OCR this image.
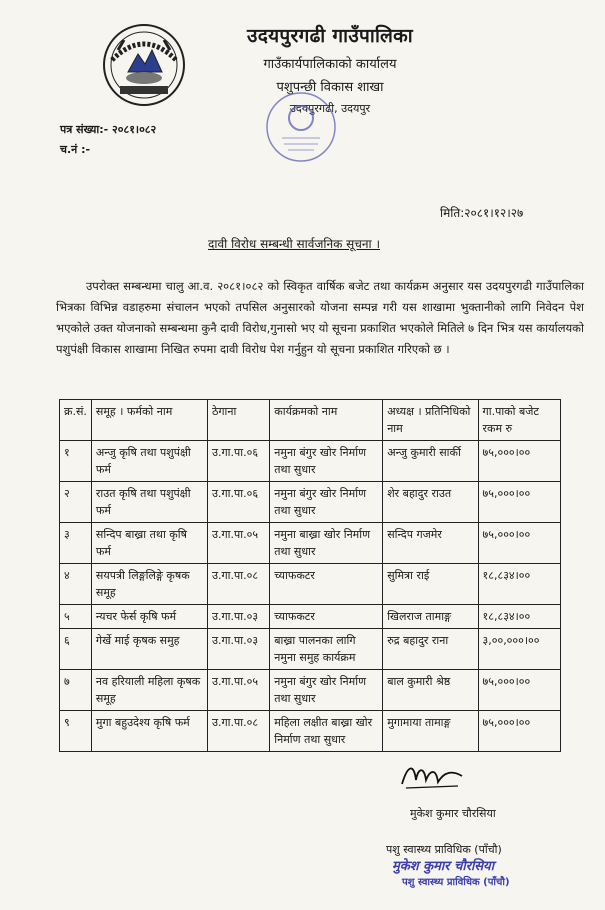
उदयपुरगढी गाउँपालिका
गाउँकार्यपालिकाको कार्यालय
पशुपन्छी विकास शाखा
उदयपुरगढी, उदयपुर
पत्र संख्या:- २०८१।०८२
च.नं :-
मिति:२०८१।१२।२७
दावी विरोध सम्बन्धी सार्वजनिक सूचना ।
उपरोक्त सम्बन्धमा चालु आ.व. २०८१।०८२ को स्विकृत वार्षिक बजेट तथा कार्यक्रम अनुसार यस उदयपुरगढी गाउँपालिका भित्रका विभिन्न वडाहरुमा संचालन भएको तपसिल अनुसारको योजना सम्पन्न गरी यस शाखामा भुक्तानीको लागि निवेदन पेश भएकोले उक्त योजनाको सम्बन्धमा कुनै दावी विरोध,गुनासो भए यो सूचना प्रकाशित भएकोले मितिले ७ दिन भित्र यस कार्यालयको पशुपंक्षी विकास शाखामा निखित रुपमा दावी विरोध पेश गर्नुहुन यो सूचना प्रकाशित गरिएको छ ।
क्र.सं.	समूह । फर्मको नाम	ठेगाना	कार्यक्रमको नाम	अध्यक्ष । प्रतिनिधिको नाम	गा.पाको बजेट रकम रु
१	अन्जु कृषि तथा पशुपंक्षी फर्म	उ.गा.पा.०६	नमुना बंगुर खोर निर्माण तथा सुधार	अन्जु कुमारी सार्की	७५,०००।००
२	राउत कृषि तथा पशुपंक्षी फर्म	उ.गा.पा.०६	नमुना बंगुर खोर निर्माण तथा सुधार	शेर बहादुर राउत	७५,०००।००
३	सन्दिप बाख्रा तथा कृषि फर्म	उ.गा.पा.०५	नमुना बाख्रा खोर निर्माण तथा सुधार	सन्दिप गजमेर	७५,०००।००
४	सयपत्री लिङ्गलिङ्गे कृषक समूह	उ.गा.पा.०८	च्याफकटर	सुमित्रा राई	१८,८३४।००
५	न्यचर फेर्स कृषि फर्म	उ.गा.पा.०३	च्याफकटर	खिलराज तामाङ्ग	१८,८३४।००
६	गेर्खे माई कृषक समुह	उ.गा.पा.०३	बाख्रा पालनका लागि नमुना समुह कार्यक्रम	रुद्र बहादुर राना	३,००,०००।००
७	नव हरियाली महिला कृषक समूह	उ.गा.पा.०५	नमुना बंगुर खोर निर्माण तथा सुधार	बाल कुमारी श्रेष्ठ	७५,०००।००
९	मुगा बहुउदेश्य कृषि फर्म	उ.गा.पा.०८	महिला लक्षीत बाख्रा खोर निर्माण तथा सुधार	मुगामाया तामाङ्ग	७५,०००।००
मुकेश कुमार चौरसिया
पशु स्वास्थ्य प्राविधिक (पाँचौ)
मुकेश कुमार चौरसिया
पशु स्वास्थ्य प्राविधिक (पाँचौ)
